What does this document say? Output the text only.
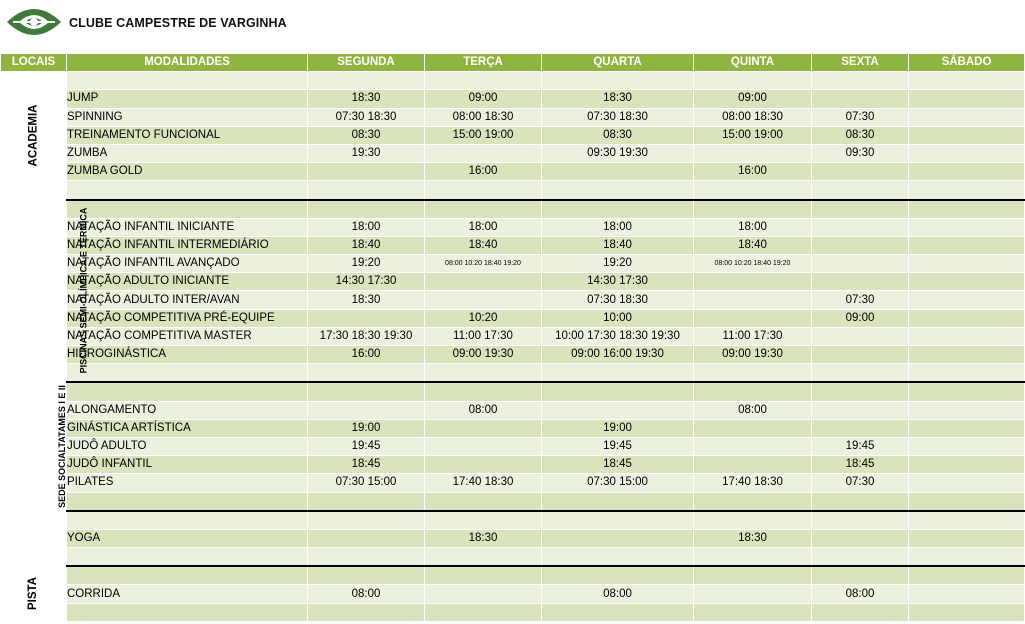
CLUBE CAMPESTRE DE VARGINHA
LOCAIS	MODALIDADES	SEGUNDA	TERÇA	QUARTA	QUINTA	SEXTA	SÁBADO
ACADEMIA							
	JUMP	18:30	09:00	18:30	09:00		
	SPINNING	07:30 18:30	08:00 18:30	07:30 18:30	08:00 18:30	07:30	
	TREINAMENTO FUNCIONAL	08:30	15:00 19:00	08:30	15:00 19:00	08:30	
	ZUMBA	19:30		09:30 19:30		09:30	
	ZUMBA GOLD		16:00		16:00		

PISCINAS SEMI-OLÍMPICA E TÉRMICA							
	NATAÇÃO INFANTIL INICIANTE	18:00	18:00	18:00	18:00		
	NATAÇÃO INFANTIL INTERMEDIÁRIO	18:40	18:40	18:40	18:40		
	NATAÇÃO INFANTIL AVANÇADO	19:20	08:00 10:20 18:40 19:20	19:20	08:00 10:20 18:40 19:20		
	NATAÇÃO ADULTO INICIANTE	14:30 17:30		14:30 17:30			
	NATAÇÃO ADULTO INTER/AVAN	18:30		07:30 18:30		07:30	
	NATAÇÃO COMPETITIVA PRÉ-EQUIPE		10:20	10:00		09:00	
	NATAÇÃO COMPETITIVA MASTER	17:30 18:30 19:30	11:00 17:30	10:00 17:30 18:30 19:30	11:00 17:30		
	HIDROGINÁSTICA	16:00	09:00 19:30	09:00 16:00 19:30	09:00 19:30		

SEDE SOCIALTATAMES I E II							
	ALONGAMENTO		08:00		08:00		
	GINÁSTICA ARTÍSTICA	19:00		19:00			
	JUDÔ ADULTO	19:45		19:45		19:45	
	JUDÔ INFANTIL	18:45		18:45		18:45	
	PILATES	07:30 15:00	17:40 18:30	07:30 15:00	17:40 18:30	07:30	

	YOGA		18:30		18:30		

PISTA							
	CORRIDA	08:00		08:00		08:00	
